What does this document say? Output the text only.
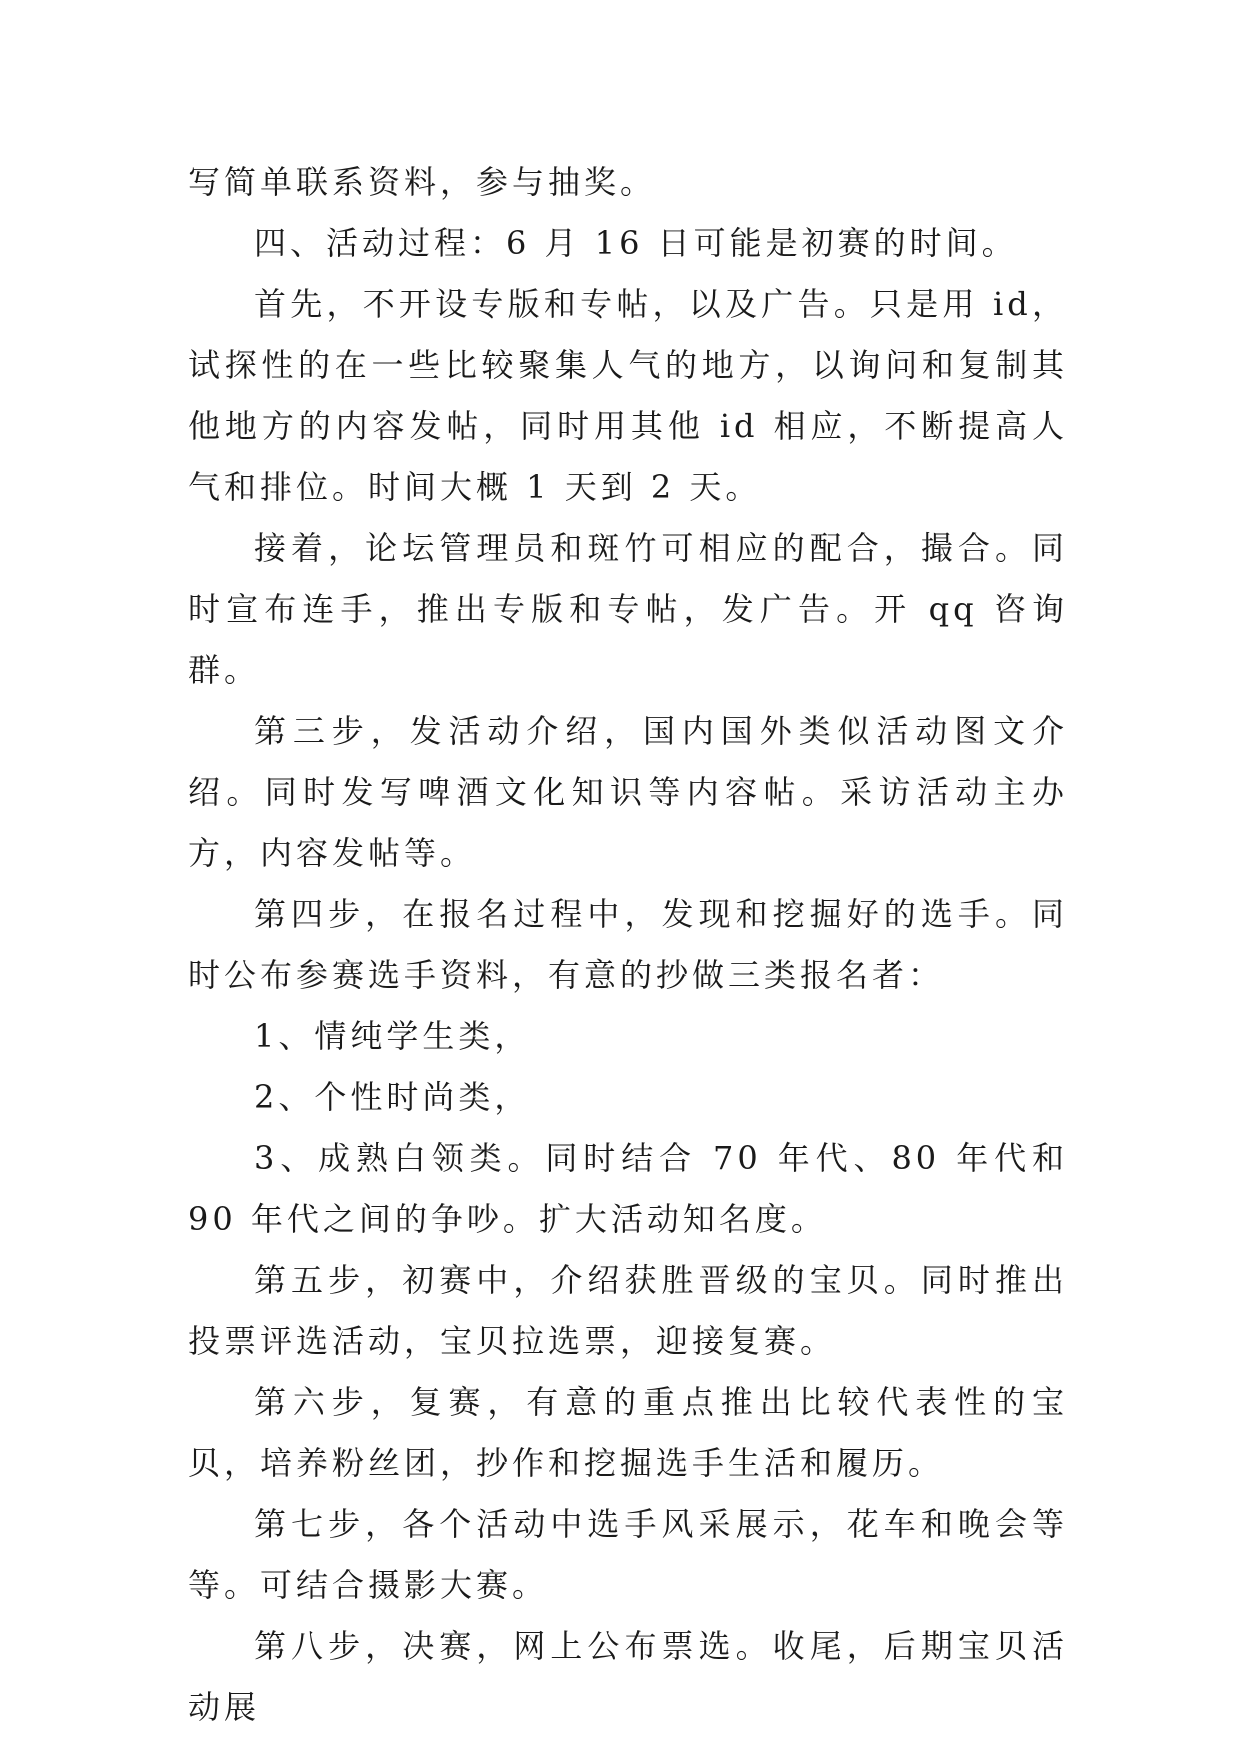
写简单联系资料，参与抽奖。

四、活动过程：6 月 16 日可能是初赛的时间。

首先，不开设专版和专帖，以及广告。只是用 id，试探性的在一些比较聚集人气的地方，以询问和复制其他地方的内容发帖，同时用其他 id 相应，不断提高人气和排位。时间大概 1 天到 2 天。

接着，论坛管理员和斑竹可相应的配合，撮合。同时宣布连手，推出专版和专帖，发广告。开 qq 咨询群。

第三步，发活动介绍，国内国外类似活动图文介绍。同时发写啤酒文化知识等内容帖。采访活动主办方，内容发帖等。

第四步，在报名过程中，发现和挖掘好的选手。同时公布参赛选手资料，有意的抄做三类报名者：

1、情纯学生类，

2、个性时尚类，

3、成熟白领类。同时结合 70 年代、80 年代和 90 年代之间的争吵。扩大活动知名度。

第五步，初赛中，介绍获胜晋级的宝贝。同时推出投票评选活动，宝贝拉选票，迎接复赛。

第六步，复赛，有意的重点推出比较代表性的宝贝，培养粉丝团，抄作和挖掘选手生活和履历。

第七步，各个活动中选手风采展示，花车和晚会等等。可结合摄影大赛。

第八步，决赛，网上公布票选。收尾，后期宝贝活动展
